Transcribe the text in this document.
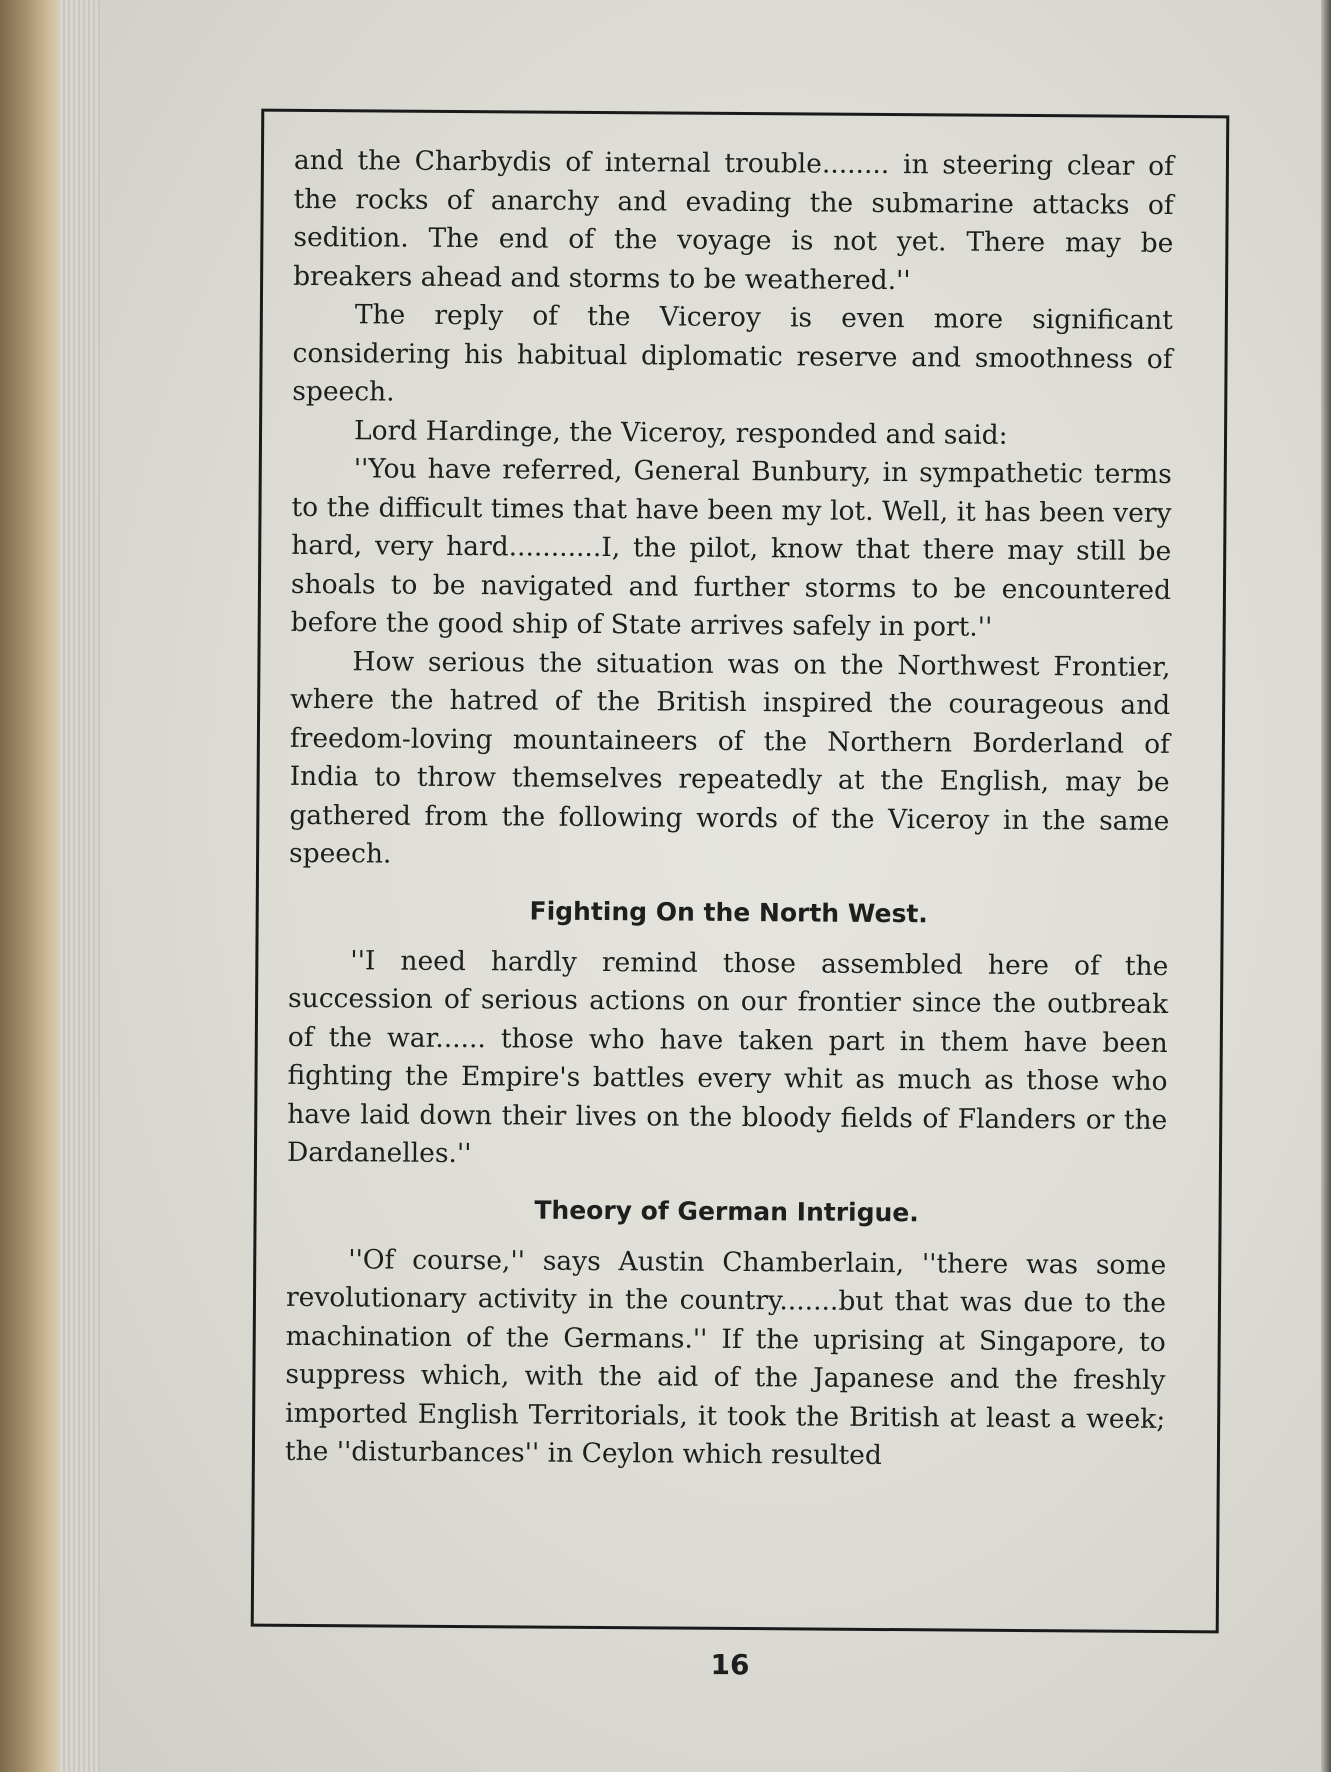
and the Charbydis of internal trouble........ in steering clear of the rocks of anarchy and evading the submarine attacks of sedition. The end of the voyage is not yet. There may be breakers ahead and storms to be weathered.''

The reply of the Viceroy is even more significant considering his habitual diplomatic reserve and smoothness of speech.

Lord Hardinge, the Viceroy, responded and said:

''You have referred, General Bunbury, in sympathetic terms to the difficult times that have been my lot. Well, it has been very hard, very hard...........I, the pilot, know that there may still be shoals to be navigated and further storms to be encountered before the good ship of State arrives safely in port.''

How serious the situation was on the Northwest Frontier, where the hatred of the British inspired the courageous and freedom-loving mountaineers of the Northern Borderland of India to throw themselves repeatedly at the English, may be gathered from the following words of the Viceroy in the same speech.

Fighting On the North West.

''I need hardly remind those assembled here of the succession of serious actions on our frontier since the outbreak of the war...... those who have taken part in them have been fighting the Empire's battles every whit as much as those who have laid down their lives on the bloody fields of Flanders or the Dardanelles.''

Theory of German Intrigue.

''Of course,'' says Austin Chamberlain, ''there was some revolutionary activity in the country.......but that was due to the machination of the Germans.'' If the uprising at Singapore, to suppress which, with the aid of the Japanese and the freshly imported English Territorials, it took the British at least a week; the ''disturbances'' in Ceylon which resulted

16
